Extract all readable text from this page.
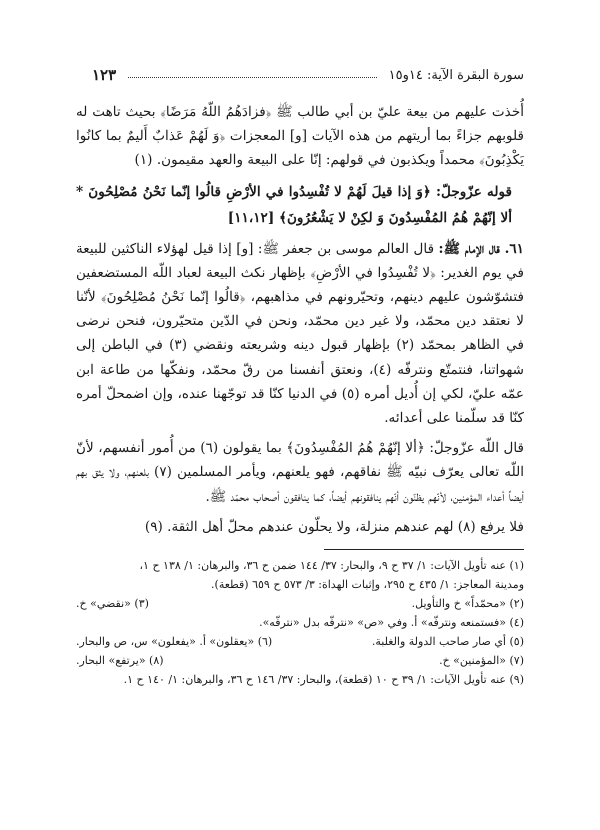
سورة البقرة الآية: ١٤و١٥
١٢٣

أُخذت عليهم من بيعة عليّ بن أبي طالب ﷺ ﴿فزادَهُمُ اللّهُ مَرَضًا﴾ بحيث تاهت له قلوبهم جزاءً بما أريتهم من هذه الآيات [و] المعجزات ﴿وَ لَهُمْ عَذابٌ أَليمٌ بما كانُوا يَكْذِبُونَ﴾ محمداً ويكذبون في قولهم: إنّا على البيعة والعهد مقيمون. (١)

قوله عزّوجلّ: ﴿وَ إذا قيلَ لَهُمْ لا تُفْسِدُوا في الأرْضِ قالُوا إنّما نَحْنُ مُصْلِحُونَ * ألا إنّهُمْ هُمُ المُفْسِدُونَ وَ لكِنْ لا يَشْعُرُونَ﴾ [١١،١٢]

٦١. قال الإمام ﷺ: قال العالم موسى بن جعفر ﷺ: [و] إذا قيل لهؤلاء الناكثين للبيعة في يوم الغدير: ﴿لا تُفْسِدُوا في الأرْضِ﴾ بإظهار نكث البيعة لعباد اللّه المستضعفين فتشوّشون عليهم دينهم، وتحيّرونهم في مذاهبهم، ﴿قالُوا إنّما نَحْنُ مُصْلِحُونَ﴾ لأنّنا لا نعتقد دين محمّد، ولا غير دين محمّد، ونحن في الدّين متحيّرون، فنحن نرضى في الظاهر بمحمّد (٢) بإظهار قبول دينه وشريعته ونقضي (٣) في الباطن إلى شهواتنا، فنتمتّع ونترفّه (٤)، ونعتق أنفسنا من رقّ محمّد، ونفكّها من طاعة ابن عمّه عليّ، لكي إن أُديل أمره (٥) في الدنيا كنّا قد توجّهنا عنده، وإن اضمحلّ أمره كنّا قد سلّمنا على أعدائه.

قال اللّه عزّوجلّ: ﴿ألا إنّهُمْ هُمُ المُفْسِدُونَ﴾ بما يقولون (٦) من أُمور أنفسهم، لأنّ اللّه تعالى يعرّف نبيّه ﷺ نفاقهم، فهو يلعنهم، ويأمر المسلمين (٧) بلعنهم، ولا يثق بهم أيضاً أعداء المؤمنين، لأنّهم يظنّون أنّهم ينافقونهم أيضاً، كما ينافقون أصحاب محمّد ﷺ.

فلا يرفع (٨) لهم عندهم منزلة، ولا يحلّون عندهم محلّ أهل الثقة. (٩)

(١) عنه تأويل الآيات: ١/ ٣٧ ح ٩، والبحار: ٣٧/ ١٤٤ ضمن ح ٣٦، والبرهان: ١/ ١٣٨ ح ١،

ومدينة المعاجز: ١/ ٤٣٥ ح ٢٩٥، وإثبات الهداة: ٣/ ٥٧٣ ح ٦٥٩ (قطعة).

(٢) «محمّداً» خ والتأويل.
(٣) «نقضي» خ.

(٤) «فستمنعه ونترفّه» أ. وفي «ص» «نترفّه بدل «نترفّه».

(٥) أي صار صاحب الدولة والغلبة.
(٦) «يعقلون» أ. «يفعلون» س، ص والبحار.
(٧) «المؤمنين» خ.
(٨) «يرتفع» البحار.

(٩) عنه تأويل الآيات: ١/ ٣٩ ح ١٠ (قطعة)، والبحار: ٣٧/ ١٤٦ ح ٣٦، والبرهان: ١/ ١٤٠ ح ١.
